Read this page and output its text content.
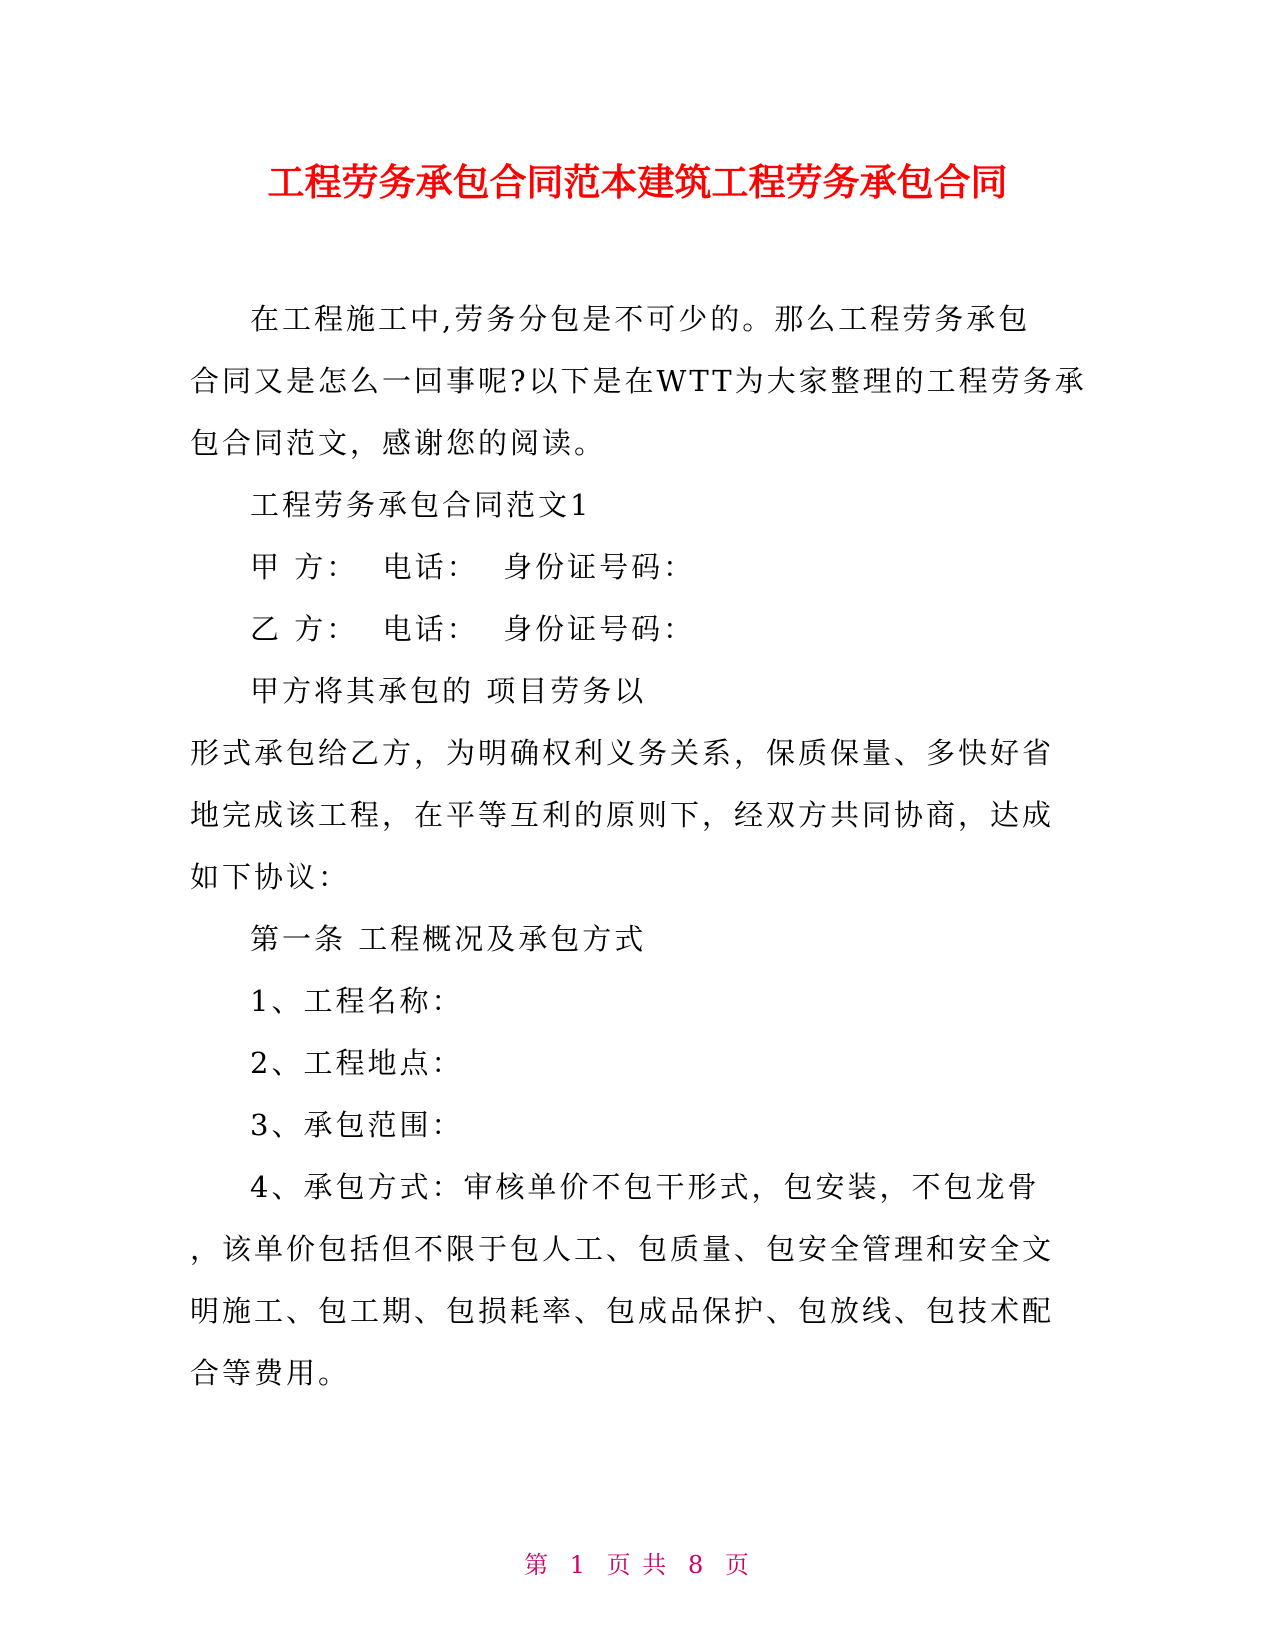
工程劳务承包合同范本建筑工程劳务承包合同

在工程施工中,劳务分包是不可少的。那么工程劳务承包

合同又是怎么一回事呢?以下是在WTT为大家整理的工程劳务承

包合同范文，感谢您的阅读。

工程劳务承包合同范文1

甲 方：  电话：  身份证号码：

乙 方：  电话：  身份证号码：

甲方将其承包的 项目劳务以

形式承包给乙方，为明确权利义务关系，保质保量、多快好省

地完成该工程，在平等互利的原则下，经双方共同协商，达成

如下协议：

第一条 工程概况及承包方式

1、工程名称：

2、工程地点：

3、承包范围：

4、承包方式：审核单价不包干形式，包安装，不包龙骨

，该单价包括但不限于包人工、包质量、包安全管理和安全文

明施工、包工期、包损耗率、包成品保护、包放线、包技术配

合等费用。

第 1 页 共 8 页
